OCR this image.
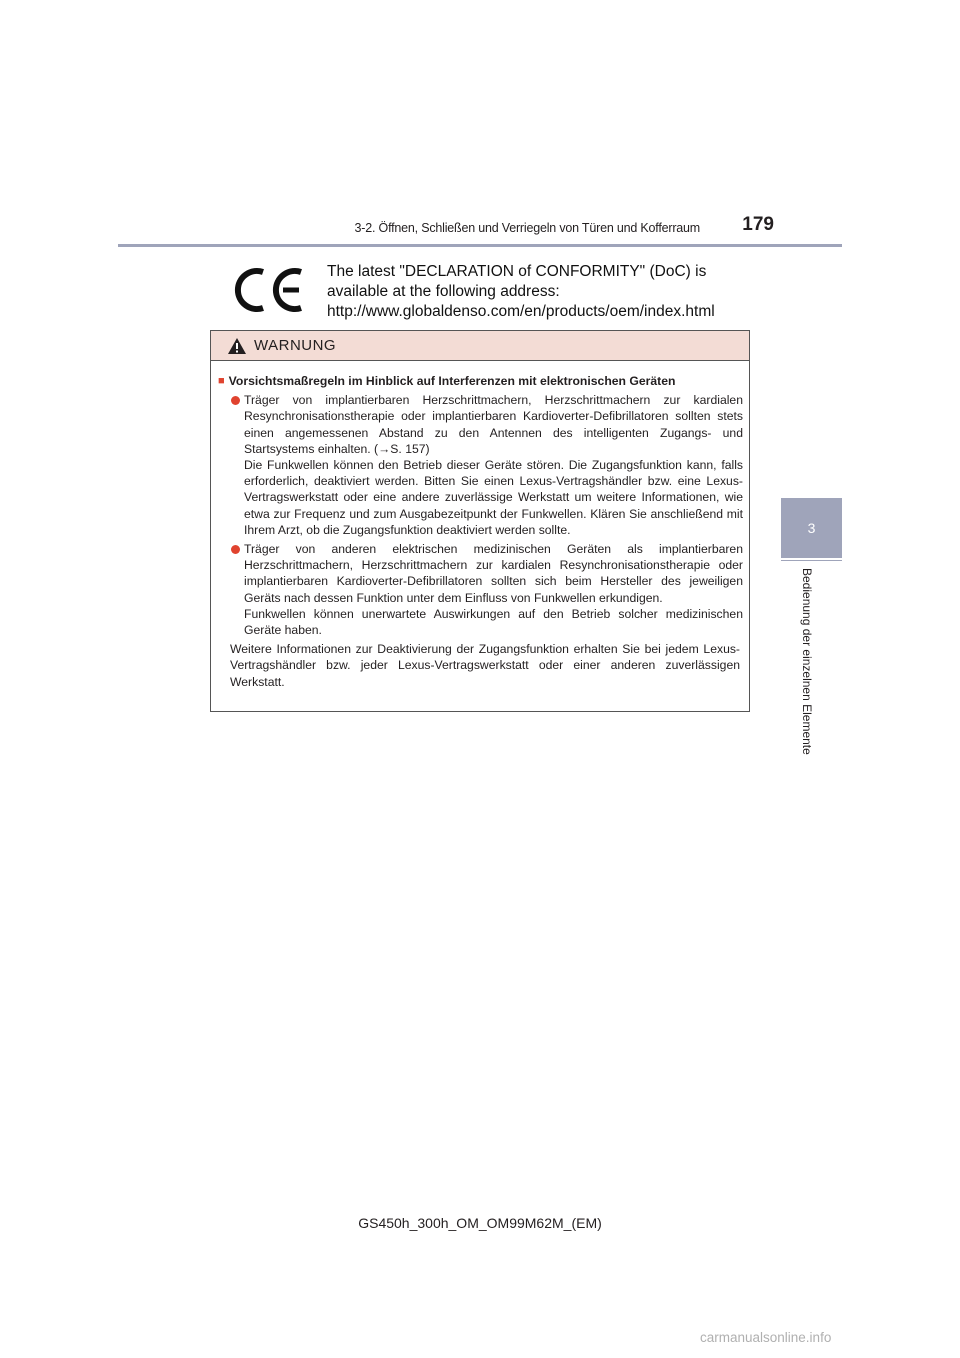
3-2. Öffnen, Schließen und Verriegeln von Türen und Kofferraum	179
3
Bedienung der einzelnen Elemente
The latest "DECLARATION of CONFORMITY" (DoC) is
available at the following address:
http://www.globaldenso.com/en/products/oem/index.html
WARNUNG
■ Vorsichtsmaßregeln im Hinblick auf Interferenzen mit elektronischen Geräten

Träger von implantierbaren Herzschrittmachern, Herzschrittmachern zur kardialen Resynchronisationstherapie oder implantierbaren Kardioverter-Defibrillatoren sollten stets einen angemessenen Abstand zu den Antennen des intelligenten Zugangs- und Startsystems einhalten. (→S. 157)

Die Funkwellen können den Betrieb dieser Geräte stören. Die Zugangsfunktion kann, falls erforderlich, deaktiviert werden. Bitten Sie einen Lexus-Vertragshändler bzw. eine Lexus-Vertragswerkstatt oder eine andere zuverlässige Werkstatt um weitere Informationen, wie etwa zur Frequenz und zum Ausgabezeitpunkt der Funkwellen. Klären Sie anschließend mit Ihrem Arzt, ob die Zugangsfunktion deaktiviert werden sollte.

Träger von anderen elektrischen medizinischen Geräten als implantierbaren Herzschrittmachern, Herzschrittmachern zur kardialen Resynchronisationstherapie oder implantierbaren Kardioverter-Defibrillatoren sollten sich beim Hersteller des jeweiligen Geräts nach dessen Funktion unter dem Einfluss von Funkwellen erkundigen.

Funkwellen können unerwartete Auswirkungen auf den Betrieb solcher medizinischen Geräte haben.

Weitere Informationen zur Deaktivierung der Zugangsfunktion erhalten Sie bei jedem Lexus-Vertragshändler bzw. jeder Lexus-Vertragswerkstatt oder einer anderen zuverlässigen Werkstatt.

GS450h_300h_OM_OM99M62M_(EM)
carmanualsonline.info
